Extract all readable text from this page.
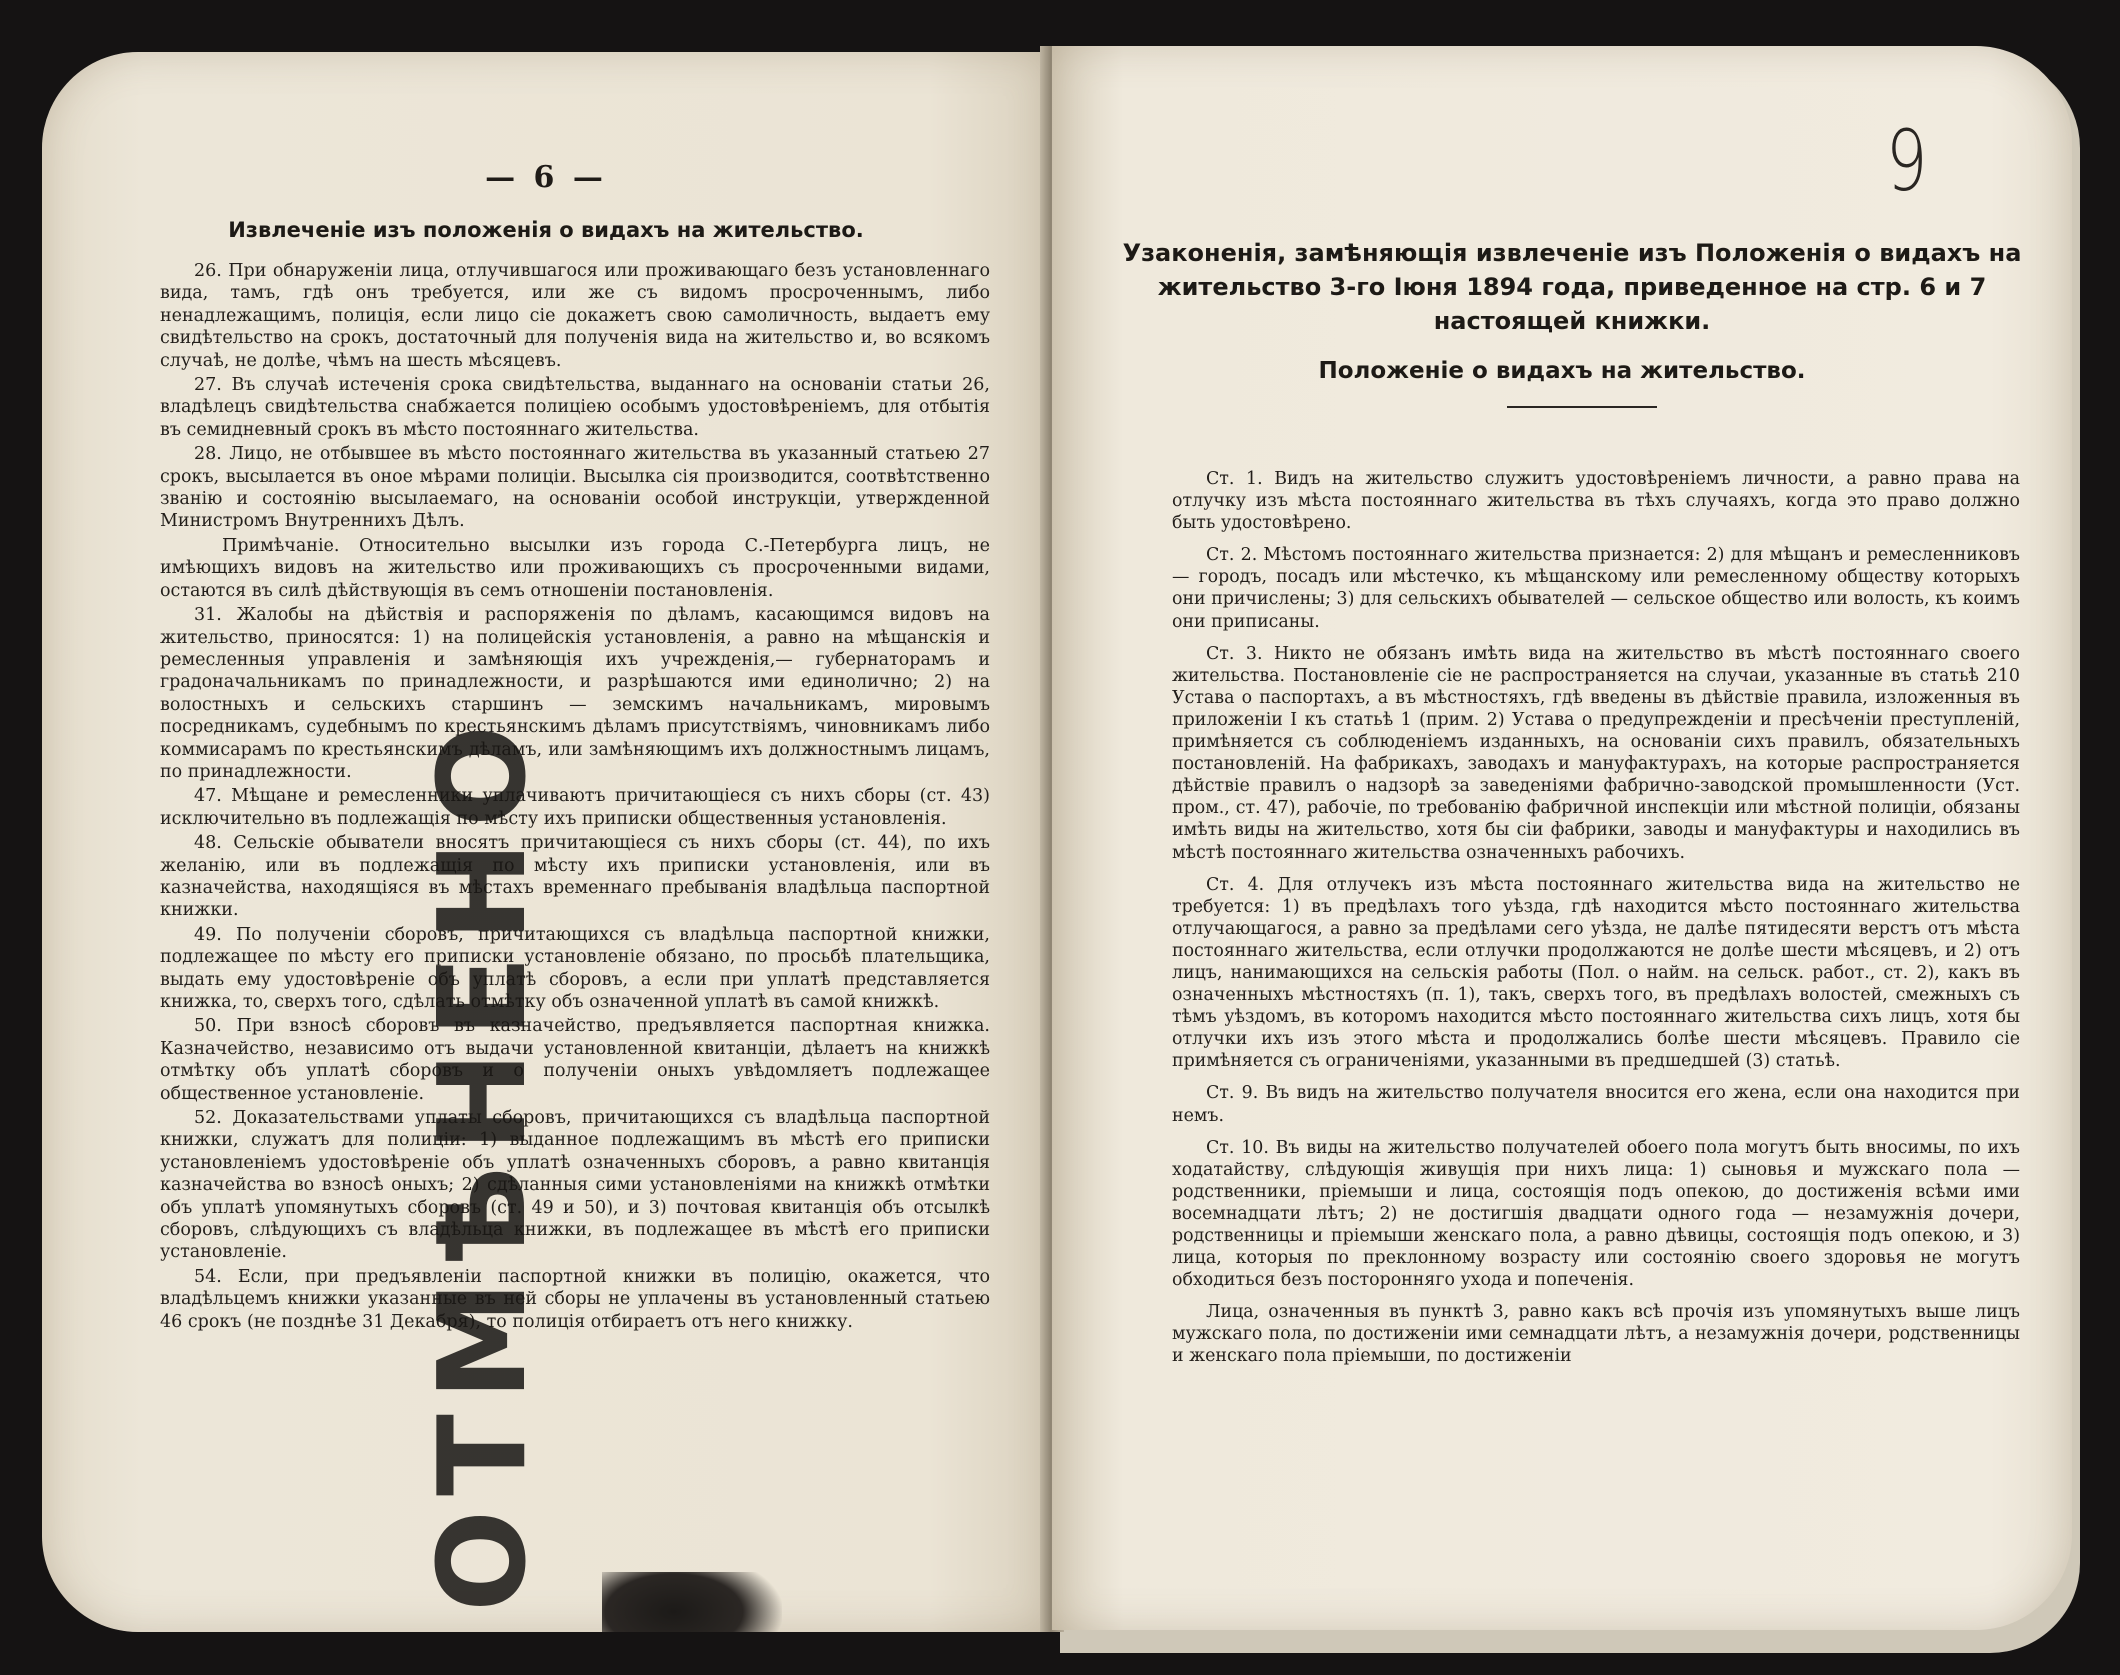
— 6 —
Извлеченіе изъ положенія о видахъ на жительство.

26. При обнаруженіи лица, отлучившагося или проживающаго безъ установленнаго вида, тамъ, гдѣ онъ требуется, или же съ видомъ просроченнымъ, либо ненадлежащимъ, полиція, если лицо сіе докажетъ свою самоличность, выдаетъ ему свидѣтельство на срокъ, достаточный для полученія вида на жительство и, во всякомъ случаѣ, не долѣе, чѣмъ на шесть мѣсяцевъ.

27. Въ случаѣ истеченія срока свидѣтельства, выданнаго на основаніи статьи 26, владѣлецъ свидѣтельства снабжается полиціею особымъ удостовѣреніемъ, для отбытія въ семидневный срокъ въ мѣсто постояннаго жительства.

28. Лицо, не отбывшее въ мѣсто постояннаго жительства въ указанный статьею 27 срокъ, высылается въ оное мѣрами полиціи. Высылка сія производится, соотвѣтственно званію и состоянію высылаемаго, на основаніи особой инструкціи, утвержденной Министромъ Внутреннихъ Дѣлъ.

Примѣчаніе. Относительно высылки изъ города С.-Петербурга лицъ, не имѣющихъ видовъ на жительство или проживающихъ съ просроченными видами, остаются въ силѣ дѣйствующія въ семъ отношеніи постановленія.

31. Жалобы на дѣйствія и распоряженія по дѣламъ, касающимся видовъ на жительство, приносятся: 1) на полицейскія установленія, а равно на мѣщанскія и ремесленныя управленія и замѣняющія ихъ учрежденія,— губернаторамъ и градоначальникамъ по принадлежности, и разрѣшаются ими единолично; 2) на волостныхъ и сельскихъ старшинъ — земскимъ начальникамъ, мировымъ посредникамъ, судебнымъ по крестьянскимъ дѣламъ присутствіямъ, чиновникамъ либо коммисарамъ по крестьянскимъ дѣламъ, или замѣняющимъ ихъ должностнымъ лицамъ, по принадлежности.

47. Мѣщане и ремесленники уплачиваютъ причитающіеся съ нихъ сборы (ст. 43) исключительно въ подлежащія по мѣсту ихъ приписки общественныя установленія.

48. Сельскіе обыватели вносятъ причитающіеся съ нихъ сборы (ст. 44), по ихъ желанію, или въ подлежащія по мѣсту ихъ приписки установленія, или въ казначейства, находящіяся въ мѣстахъ временнаго пребыванія владѣльца паспортной книжки.

49. По полученіи сборовъ, причитающихся съ владѣльца паспортной книжки, подлежащее по мѣсту его приписки установленіе обязано, по просьбѣ плательщика, выдать ему удостовѣреніе объ уплатѣ сборовъ, а если при уплатѣ представляется книжка, то, сверхъ того, сдѣлать отмѣтку объ означенной уплатѣ въ самой книжкѣ.

50. При взносѣ сборовъ въ казначейство, предъявляется паспортная книжка. Казначейство, независимо отъ выдачи установленной квитанціи, дѣлаетъ на книжкѣ отмѣтку объ уплатѣ сборовъ и о полученіи оныхъ увѣдомляетъ подлежащее общественное установленіе.

52. Доказательствами уплаты сборовъ, причитающихся съ владѣльца паспортной книжки, служатъ для полиціи: 1) выданное подлежащимъ въ мѣстѣ его приписки установленіемъ удостовѣреніе объ уплатѣ означенныхъ сборовъ, а равно квитанція казначейства во взносѣ оныхъ; 2) сдѣланныя сими установленіями на книжкѣ отмѣтки объ уплатѣ упомянутыхъ сборовъ (ст. 49 и 50), и 3) почтовая квитанція объ отсылкѣ сборовъ, слѣдующихъ съ владѣльца книжки, въ подлежащее въ мѣстѣ его приписки установленіе.

54. Если, при предъявленіи паспортной книжки въ полицію, окажется, что владѣльцемъ книжки указанные въ ней сборы не уплачены въ установленный статьею 46 срокъ (не позднѣе 31 Декабря), то полиція отбираетъ отъ него книжку.

ОТМѢНЕНО
9
Узаконенія, замѣняющія извлеченіе изъ Положенія о видахъ на жительство 3-го Іюня 1894 года, приведенное на стр. 6 и 7 настоящей книжки.
Положеніе о видахъ на жительство.

Ст. 1. Видъ на жительство служитъ удостовѣреніемъ личности, а равно права на отлучку изъ мѣста постояннаго жительства въ тѣхъ случаяхъ, когда это право должно быть удостовѣрено.

Ст. 2. Мѣстомъ постояннаго жительства признается: 2) для мѣщанъ и ремесленниковъ — городъ, посадъ или мѣстечко, къ мѣщанскому или ремесленному обществу которыхъ они причислены; 3) для сельскихъ обывателей — сельское общество или волость, къ коимъ они приписаны.

Ст. 3. Никто не обязанъ имѣть вида на жительство въ мѣстѣ постояннаго своего жительства. Постановленіе сіе не распространяется на случаи, указанные въ статьѣ 210 Устава о паспортахъ, а въ мѣстностяхъ, гдѣ введены въ дѣйствіе правила, изложенныя въ приложеніи I къ статьѣ 1 (прим. 2) Устава о предупрежденіи и пресѣченіи преступленій, примѣняется съ соблюденіемъ изданныхъ, на основаніи сихъ правилъ, обязательныхъ постановленій. На фабрикахъ, заводахъ и мануфактурахъ, на которые распространяется дѣйствіе правилъ о надзорѣ за заведеніями фабрично-заводской промышленности (Уст. пром., ст. 47), рабочіе, по требованію фабричной инспекціи или мѣстной полиціи, обязаны имѣть виды на жительство, хотя бы сіи фабрики, заводы и мануфактуры и находились въ мѣстѣ постояннаго жительства означенныхъ рабочихъ.

Ст. 4. Для отлучекъ изъ мѣста постояннаго жительства вида на жительство не требуется: 1) въ предѣлахъ того уѣзда, гдѣ находится мѣсто постояннаго жительства отлучающагося, а равно за предѣлами сего уѣзда, не далѣе пятидесяти верстъ отъ мѣста постояннаго жительства, если отлучки продолжаются не долѣе шести мѣсяцевъ, и 2) отъ лицъ, нанимающихся на сельскія работы (Пол. о найм. на сельск. работ., ст. 2), какъ въ означенныхъ мѣстностяхъ (п. 1), такъ, сверхъ того, въ предѣлахъ волостей, смежныхъ съ тѣмъ уѣздомъ, въ которомъ находится мѣсто постояннаго жительства сихъ лицъ, хотя бы отлучки ихъ изъ этого мѣста и продолжались болѣе шести мѣсяцевъ. Правило сіе примѣняется съ ограниченіями, указанными въ предшедшей (3) статьѣ.

Ст. 9. Въ видъ на жительство получателя вносится его жена, если она находится при немъ.

Ст. 10. Въ виды на жительство получателей обоего пола могутъ быть вносимы, по ихъ ходатайству, слѣдующія живущія при нихъ лица: 1) сыновья и мужскаго пола — родственники, пріемыши и лица, состоящія подъ опекою, до достиженія всѣми ими восемнадцати лѣтъ; 2) не достигшія двадцати одного года — незамужнія дочери, родственницы и пріемыши женскаго пола, а равно дѣвицы, состоящія подъ опекою, и 3) лица, которыя по преклонному возрасту или состоянію своего здоровья не могутъ обходиться безъ посторонняго ухода и попеченія.

Лица, означенныя въ пунктѣ 3, равно какъ всѣ прочія изъ упомянутыхъ выше лицъ мужскаго пола, по достиженіи ими семнадцати лѣтъ, а незамужнія дочери, родственницы и женскаго пола пріемыши, по достиженіи
